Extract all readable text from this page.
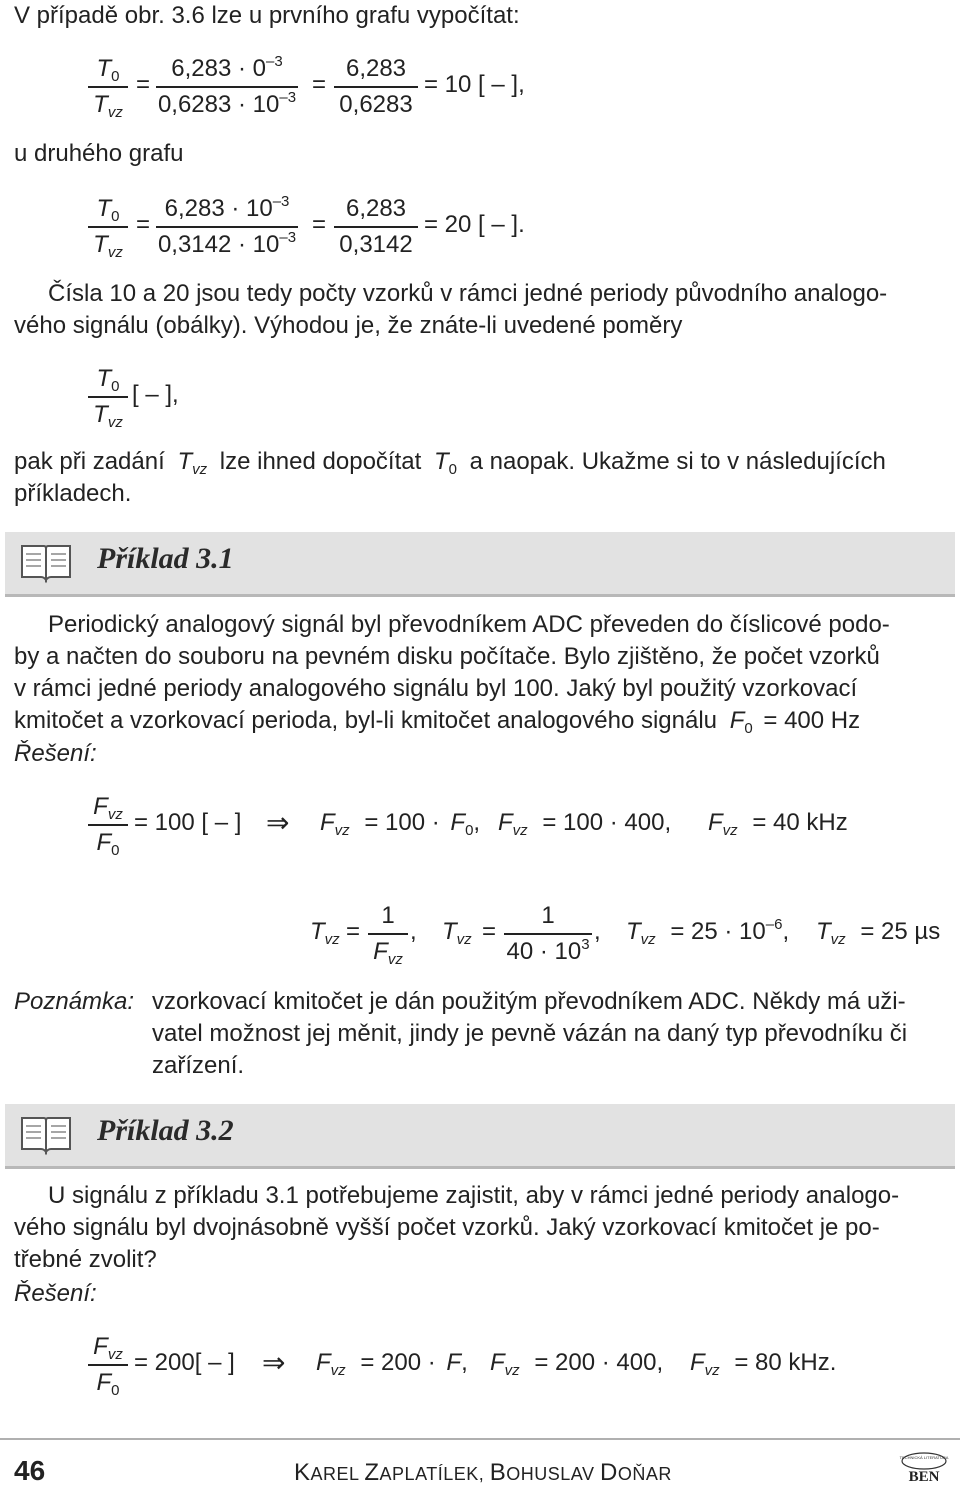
V případě obr. 3.6 lze u prvního grafu vypočítat:
$T_0$
$T_{vz}$
=
$6,283 \cdot 0^{-3}$
$0,6283 \cdot 10^{-3}$ =
6,283
0,6283
= 10 [ – ],
u druhého grafu
$T_0$
$T_{vz}$
=
$6,283 \cdot 10^{-3}$
$0,3142 \cdot 10^{-3}$ =
6,283
0,3142
= 20 [ – ].
Čísla 10 a 20 jsou tedy počty vzorků v rámci jedné periody původního analogo-
vého signálu (obálky). Výhodou je, že znáte-li uvedené poměry
$T_0$
$T_{vz}$
[ – ],
pak při zadání $T_{vz}$ lze ihned dopočítat $T_0$ a naopak. Ukažme si to v následujících
příkladech.
Příklad 3.1
Periodický analogový signál byl převodníkem ADC převeden do číslicové podo-
by a načten do souboru na pevném disku počítače. Bylo zjištěno, že počet vzorků
v rámci jedné periody analogového signálu byl 100. Jaký byl použitý vzorkovací
kmitočet a vzorkovací perioda, byl-li kmitočet analogového signálu $F_0 = 400$ Hz
Řešení:
$F_{vz}$
$F_0$
= 100 [ – ] ⇒ $F_{vz} = 100 \cdot F_0$, $F_{vz} = 100 \cdot 400$, $F_{vz} = 40$ kHz
$T_{vz}$ =
1
$F_{vz}$
, $T_{vz}$ =
1
$40 \cdot 10^3$ , $T_{vz} = 25 \cdot 10^{-6}$, $T_{vz} = 25$ µs
Poznámka: vzorkovací kmitočet je dán použitým převodníkem ADC. Někdy má uži-
vatel možnost jej měnit, jindy je pevně vázán na daný typ převodníku či
zařízení.
Příklad 3.2
U signálu z příkladu 3.1 potřebujeme zajistit, aby v rámci jedné periody analogo-
vého signálu byl dvojnásobně vyšší počet vzorků. Jaký vzorkovací kmitočet je po-
třebné zvolit?
Řešení:
$F_{vz}$
$F_0$
= 200[ – ] ⇒ $F_{vz} = 200 \cdot F$, $F_{vz} = 200 \cdot 400$, $F_{vz} = 80$ kHz.
46	KAREL ZAPLATÍLEK, BOHUSLAV DOŇAR
TECHNICKÁ LITERATURA
BEN
